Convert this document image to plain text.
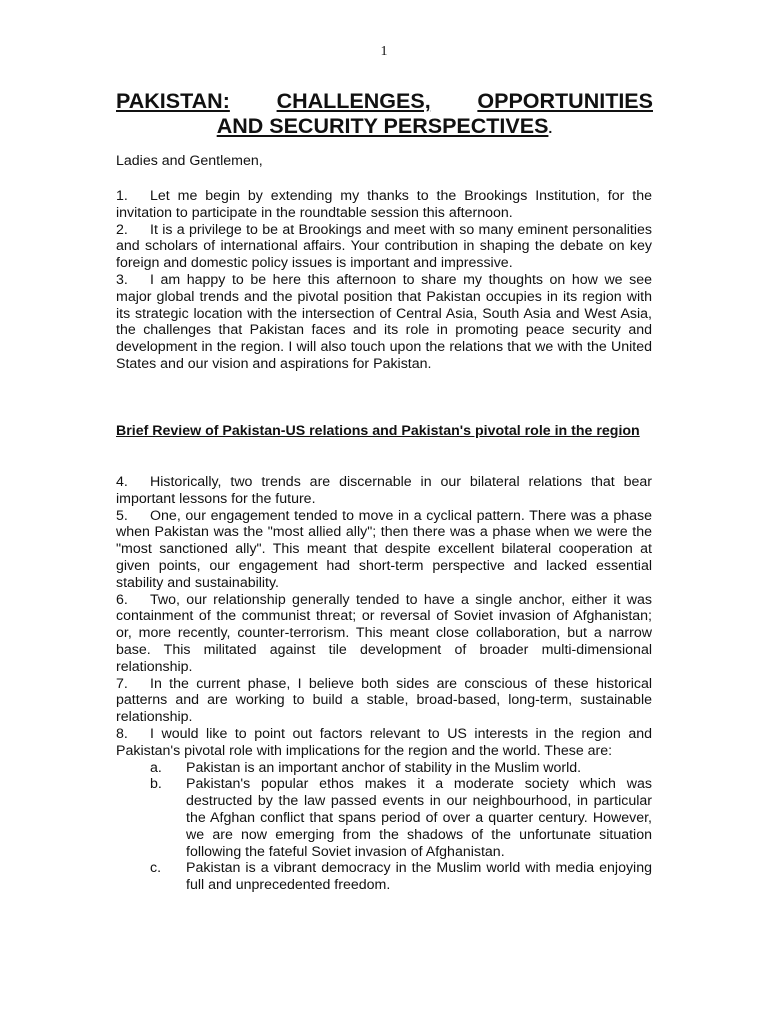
1
PAKISTAN: CHALLENGES, OPPORTUNITIES
AND SECURITY PERSPECTIVES.
Ladies and Gentlemen,

1. Let me begin by extending my thanks to the Brookings Institution, for the invitation to participate in the roundtable session this afternoon.

2. It is a privilege to be at Brookings and meet with so many eminent personalities and scholars of international affairs. Your contribution in shaping the debate on key foreign and domestic policy issues is important and impressive.

3. I am happy to be here this afternoon to share my thoughts on how we see major global trends and the pivotal position that Pakistan occupies in its region with its strategic location with the intersection of Central Asia, South Asia and West Asia, the challenges that Pakistan faces and its role in promoting peace security and development in the region. I will also touch upon the relations that we with the United States and our vision and aspirations for Pakistan.

Brief Review of Pakistan-US relations and Pakistan's pivotal role in the region

4. Historically, two trends are discernable in our bilateral relations that bear important lessons for the future.

5. One, our engagement tended to move in a cyclical pattern. There was a phase when Pakistan was the "most allied ally"; then there was a phase when we were the "most sanctioned ally". This meant that despite excellent bilateral cooperation at given points, our engagement had short-term perspective and lacked essential stability and sustainability.

6. Two, our relationship generally tended to have a single anchor, either it was containment of the communist threat; or reversal of Soviet invasion of Afghanistan; or, more recently, counter-terrorism. This meant close collaboration, but a narrow base. This militated against tile development of broader multi-dimensional relationship.

7. In the current phase, I believe both sides are conscious of these historical patterns and are working to build a stable, broad-based, long-term, sustainable relationship.

8. I would like to point out factors relevant to US interests in the region and Pakistan's pivotal role with implications for the region and the world. These are:

a.	Pakistan is an important anchor of stability in the Muslim world.
b.	Pakistan's popular ethos makes it a moderate society which was destructed by the law passed events in our neighbourhood, in particular the Afghan conflict that spans period of over a quarter century. However, we are now emerging from the shadows of the unfortunate situation following the fateful Soviet invasion of Afghanistan.
c.	Pakistan is a vibrant democracy in the Muslim world with media enjoying full and unprecedented freedom.
